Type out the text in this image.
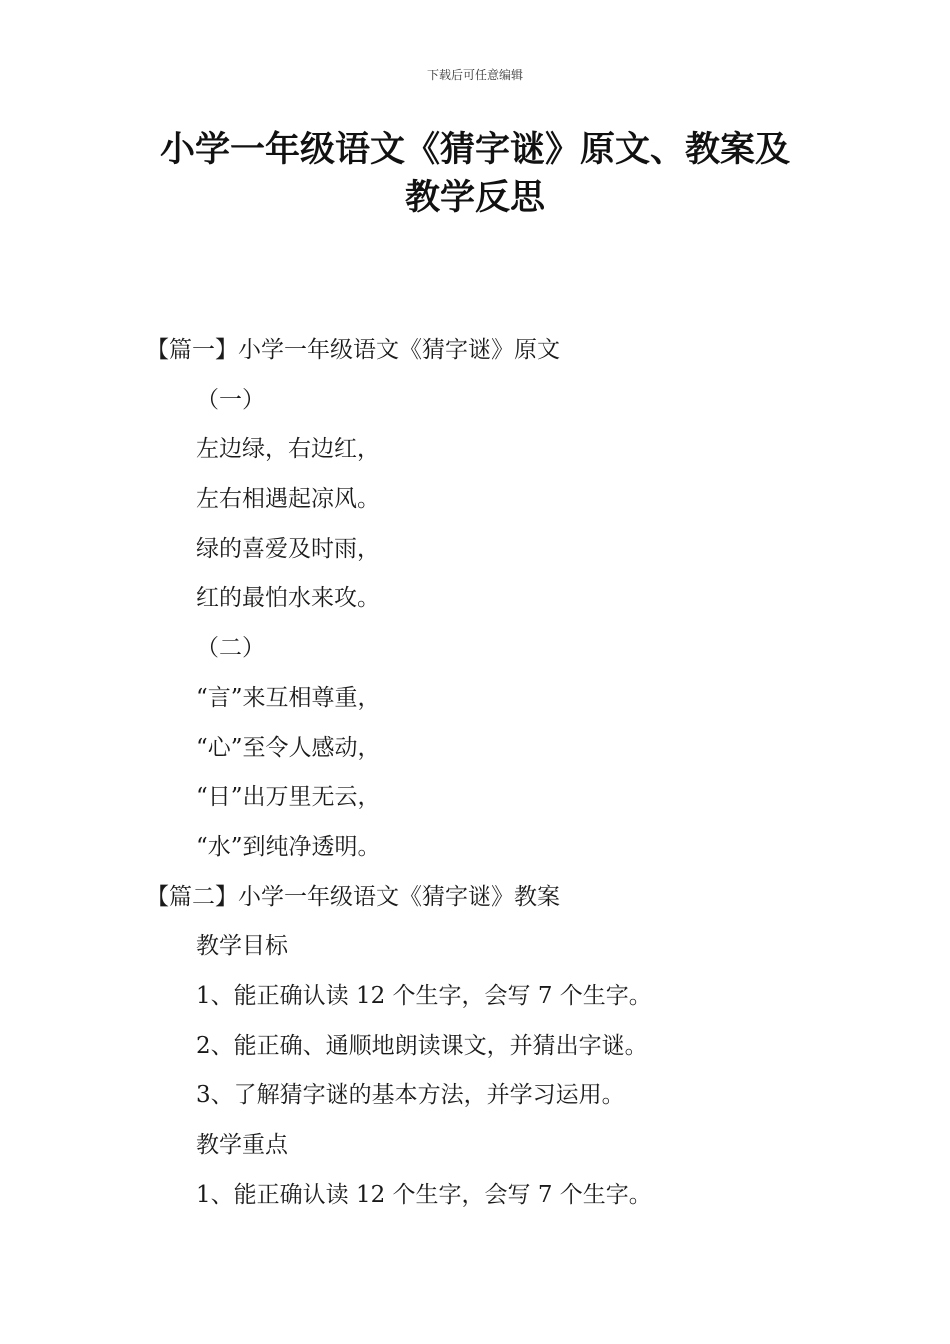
下载后可任意编辑
小学一年级语文《猜字谜》原文、教案及
教学反思
【篇一】小学一年级语文《猜字谜》原文
（一）
左边绿，右边红，
左右相遇起凉风。
绿的喜爱及时雨，
红的最怕水来攻。
（二）
“言”来互相尊重，
“心”至令人感动，
“日”出万里无云，
“水”到纯净透明。
【篇二】小学一年级语文《猜字谜》教案
教学目标
1、能正确认读 12 个生字，会写 7 个生字。
2、能正确、通顺地朗读课文，并猜出字谜。
3、了解猜字谜的基本方法，并学习运用。
教学重点
1、能正确认读 12 个生字，会写 7 个生字。
